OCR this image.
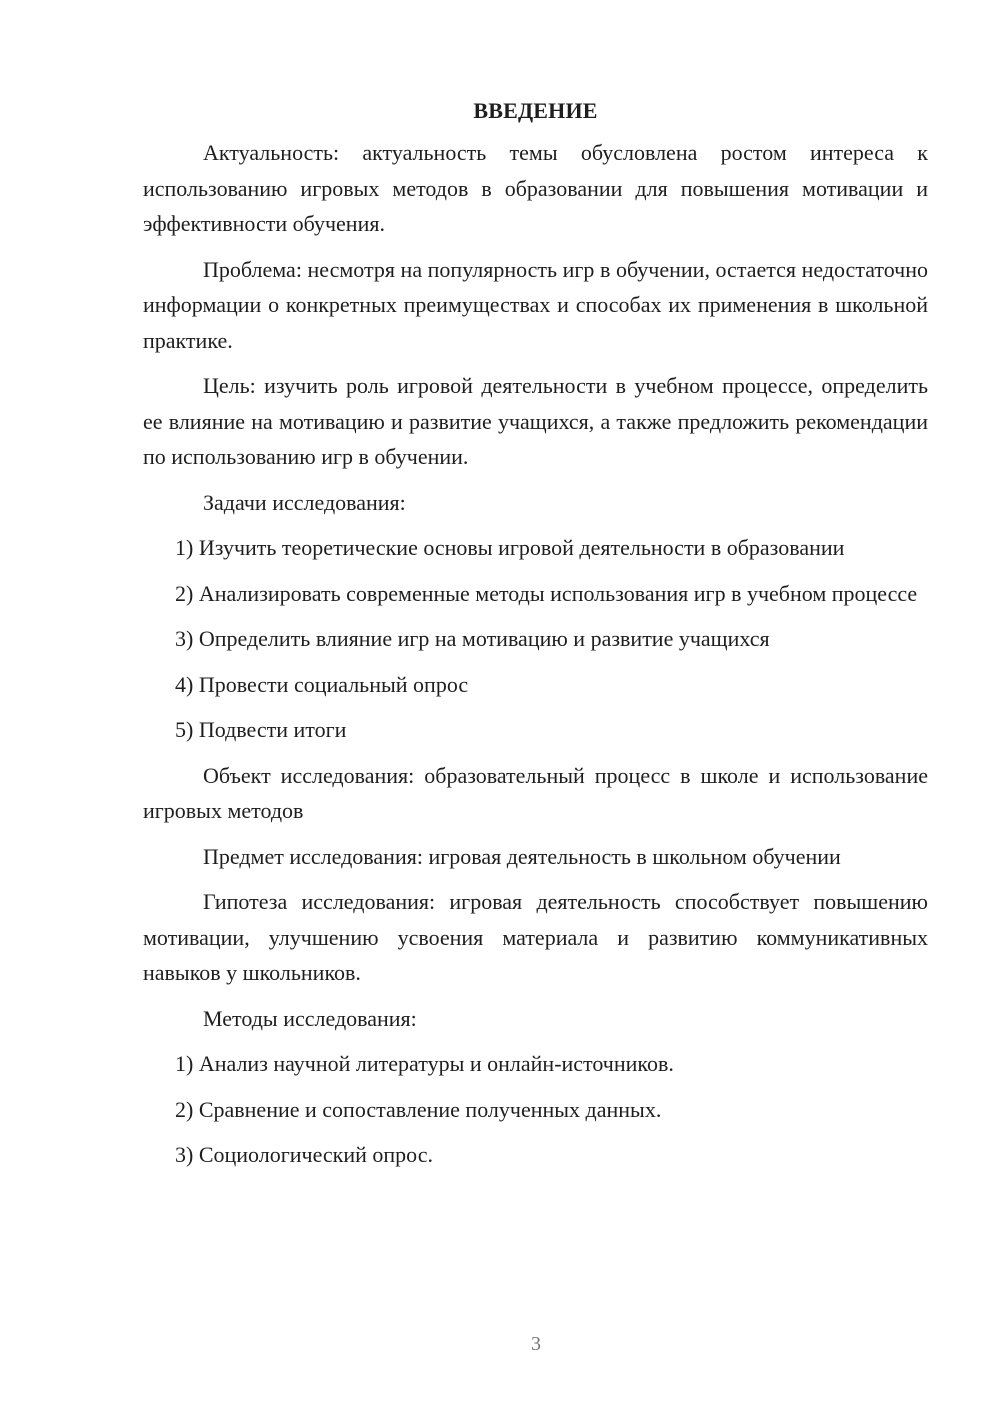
ВВЕДЕНИЕ

Актуальность: актуальность темы обусловлена ростом интереса к использованию игровых методов в образовании для повышения мотивации и эффективности обучения.

Проблема: несмотря на популярность игр в обучении, остается недостаточно информации о конкретных преимуществах и способах их применения в школьной практике.

Цель: изучить роль игровой деятельности в учебном процессе, определить ее влияние на мотивацию и развитие учащихся, а также предложить рекомендации по использованию игр в обучении.

Задачи исследования:

1) Изучить теоретические основы игровой деятельности в образовании

2) Анализировать современные методы использования игр в учебном процессе

3) Определить влияние игр на мотивацию и развитие учащихся

4) Провести социальный опрос

5) Подвести итоги

Объект исследования: образовательный процесс в школе и использование игровых методов

Предмет исследования: игровая деятельность в школьном обучении

Гипотеза исследования: игровая деятельность способствует повышению мотивации, улучшению усвоения материала и развитию коммуникативных навыков у школьников.

Методы исследования:

1) Анализ научной литературы и онлайн-источников.

2) Сравнение и сопоставление полученных данных.

3) Социологический опрос.

3
